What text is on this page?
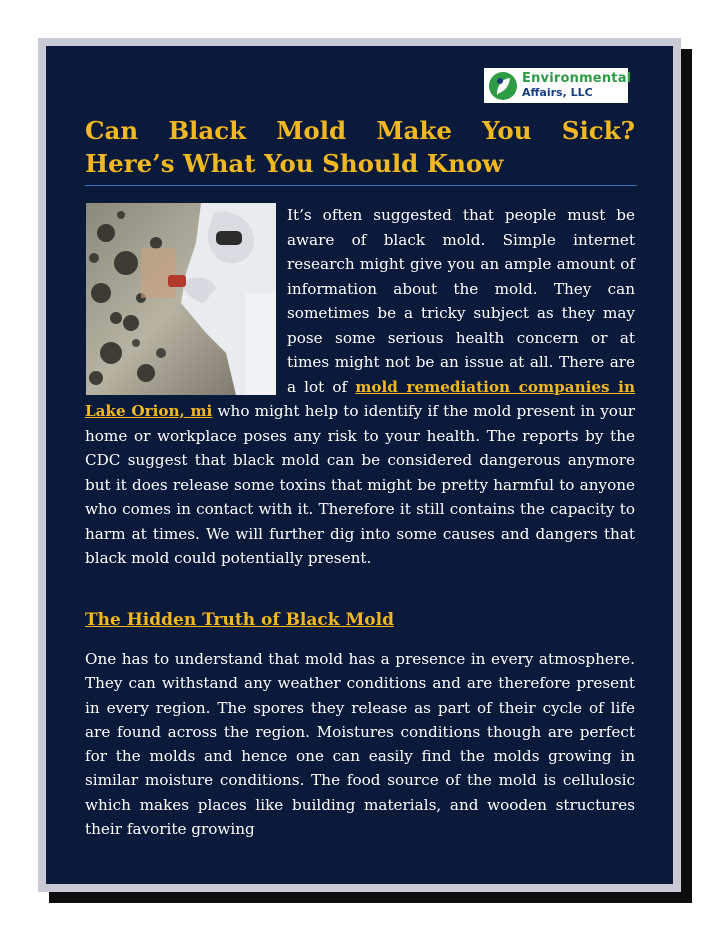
Environmental
Affairs, LLC
Can Black Mold Make You Sick?
Here’s What You Should Know

It’s often suggested that people must be aware of black mold. Simple internet research might give you an ample amount of information about the mold. They can sometimes be a tricky subject as they may pose some serious health concern or at times might not be an issue at all. There are a lot of mold remediation companies in Lake Orion, mi who might help to identify if the mold present in your home or workplace poses any risk to your health. The reports by the CDC suggest that black mold can be considered dangerous anymore but it does release some toxins that might be pretty harmful to anyone who comes in contact with it. Therefore it still contains the capacity to harm at times. We will further dig into some causes and dangers that black mold could potentially present.

The Hidden Truth of Black Mold

One has to understand that mold has a presence in every atmosphere. They can withstand any weather conditions and are therefore present in every region. The spores they release as part of their cycle of life are found across the region. Moistures conditions though are perfect for the molds and hence one can easily find the molds growing in similar moisture conditions. The food source of the mold is cellulosic which makes places like building materials, and wooden structures their favorite growing
